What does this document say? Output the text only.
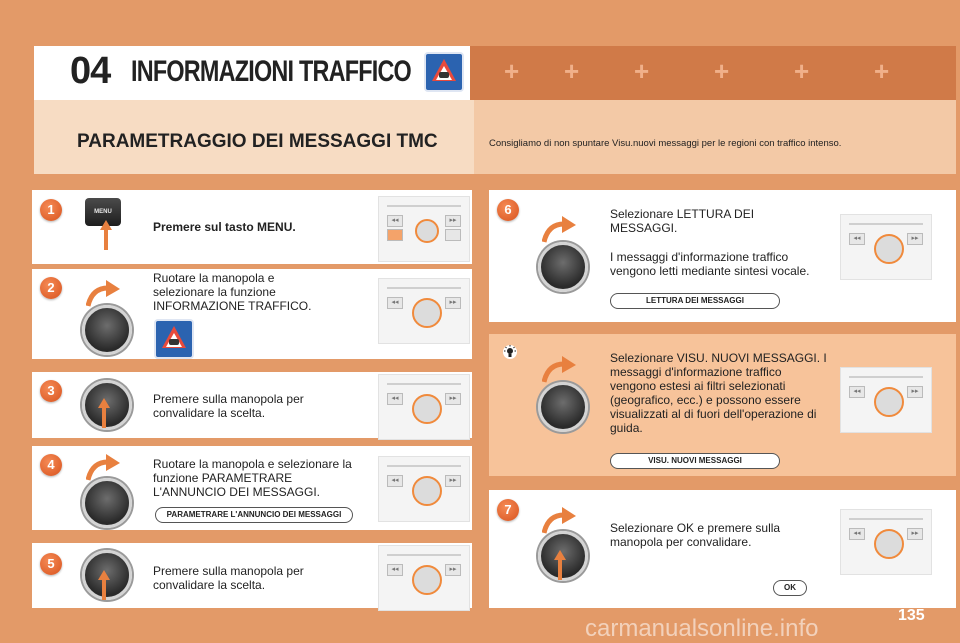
+ + + + + +
04 INFORMAZIONI TRAFFICO
PARAMETRAGGIO DEI MESSAGGI TMC	Consigliamo di non spuntare Visu.nuovi messaggi per le regioni con traffico intenso.
1	MENU
Premere sul tasto MENU.	◂◂	▸▸
2
Ruotare la manopola e selezionare la funzione INFORMAZIONE TRAFFICO.	◂◂	▸▸
3
Premere sulla manopola per convalidare la scelta.
◂◂	▸▸
4	Ruotare la manopola e selezionare la funzione PARAMETRARE L'ANNUNCIO DEI MESSAGGI.
PARAMETRARE L'ANNUNCIO DEI MESSAGGI
◂◂	▸▸
5	Premere sulla manopola per convalidare la scelta.
◂◂	▸▸
6	Selezionare LETTURA DEI MESSAGGI.
I messaggi d'informazione traffico vengono letti mediante sintesi vocale.
LETTURA DEI MESSAGGI
◂◂	▸▸
Selezionare VISU. NUOVI MESSAGGI. I messaggi d'informazione traffico vengono estesi ai filtri selezionati (geografico, ecc.) e possono essere visualizzati al di fuori dell'operazione di guida.
VISU. NUOVI MESSAGGI
◂◂	▸▸
7
Selezionare OK e premere sulla manopola per convalidare.
OK
◂◂	▸▸
carmanualsonline.info	135
